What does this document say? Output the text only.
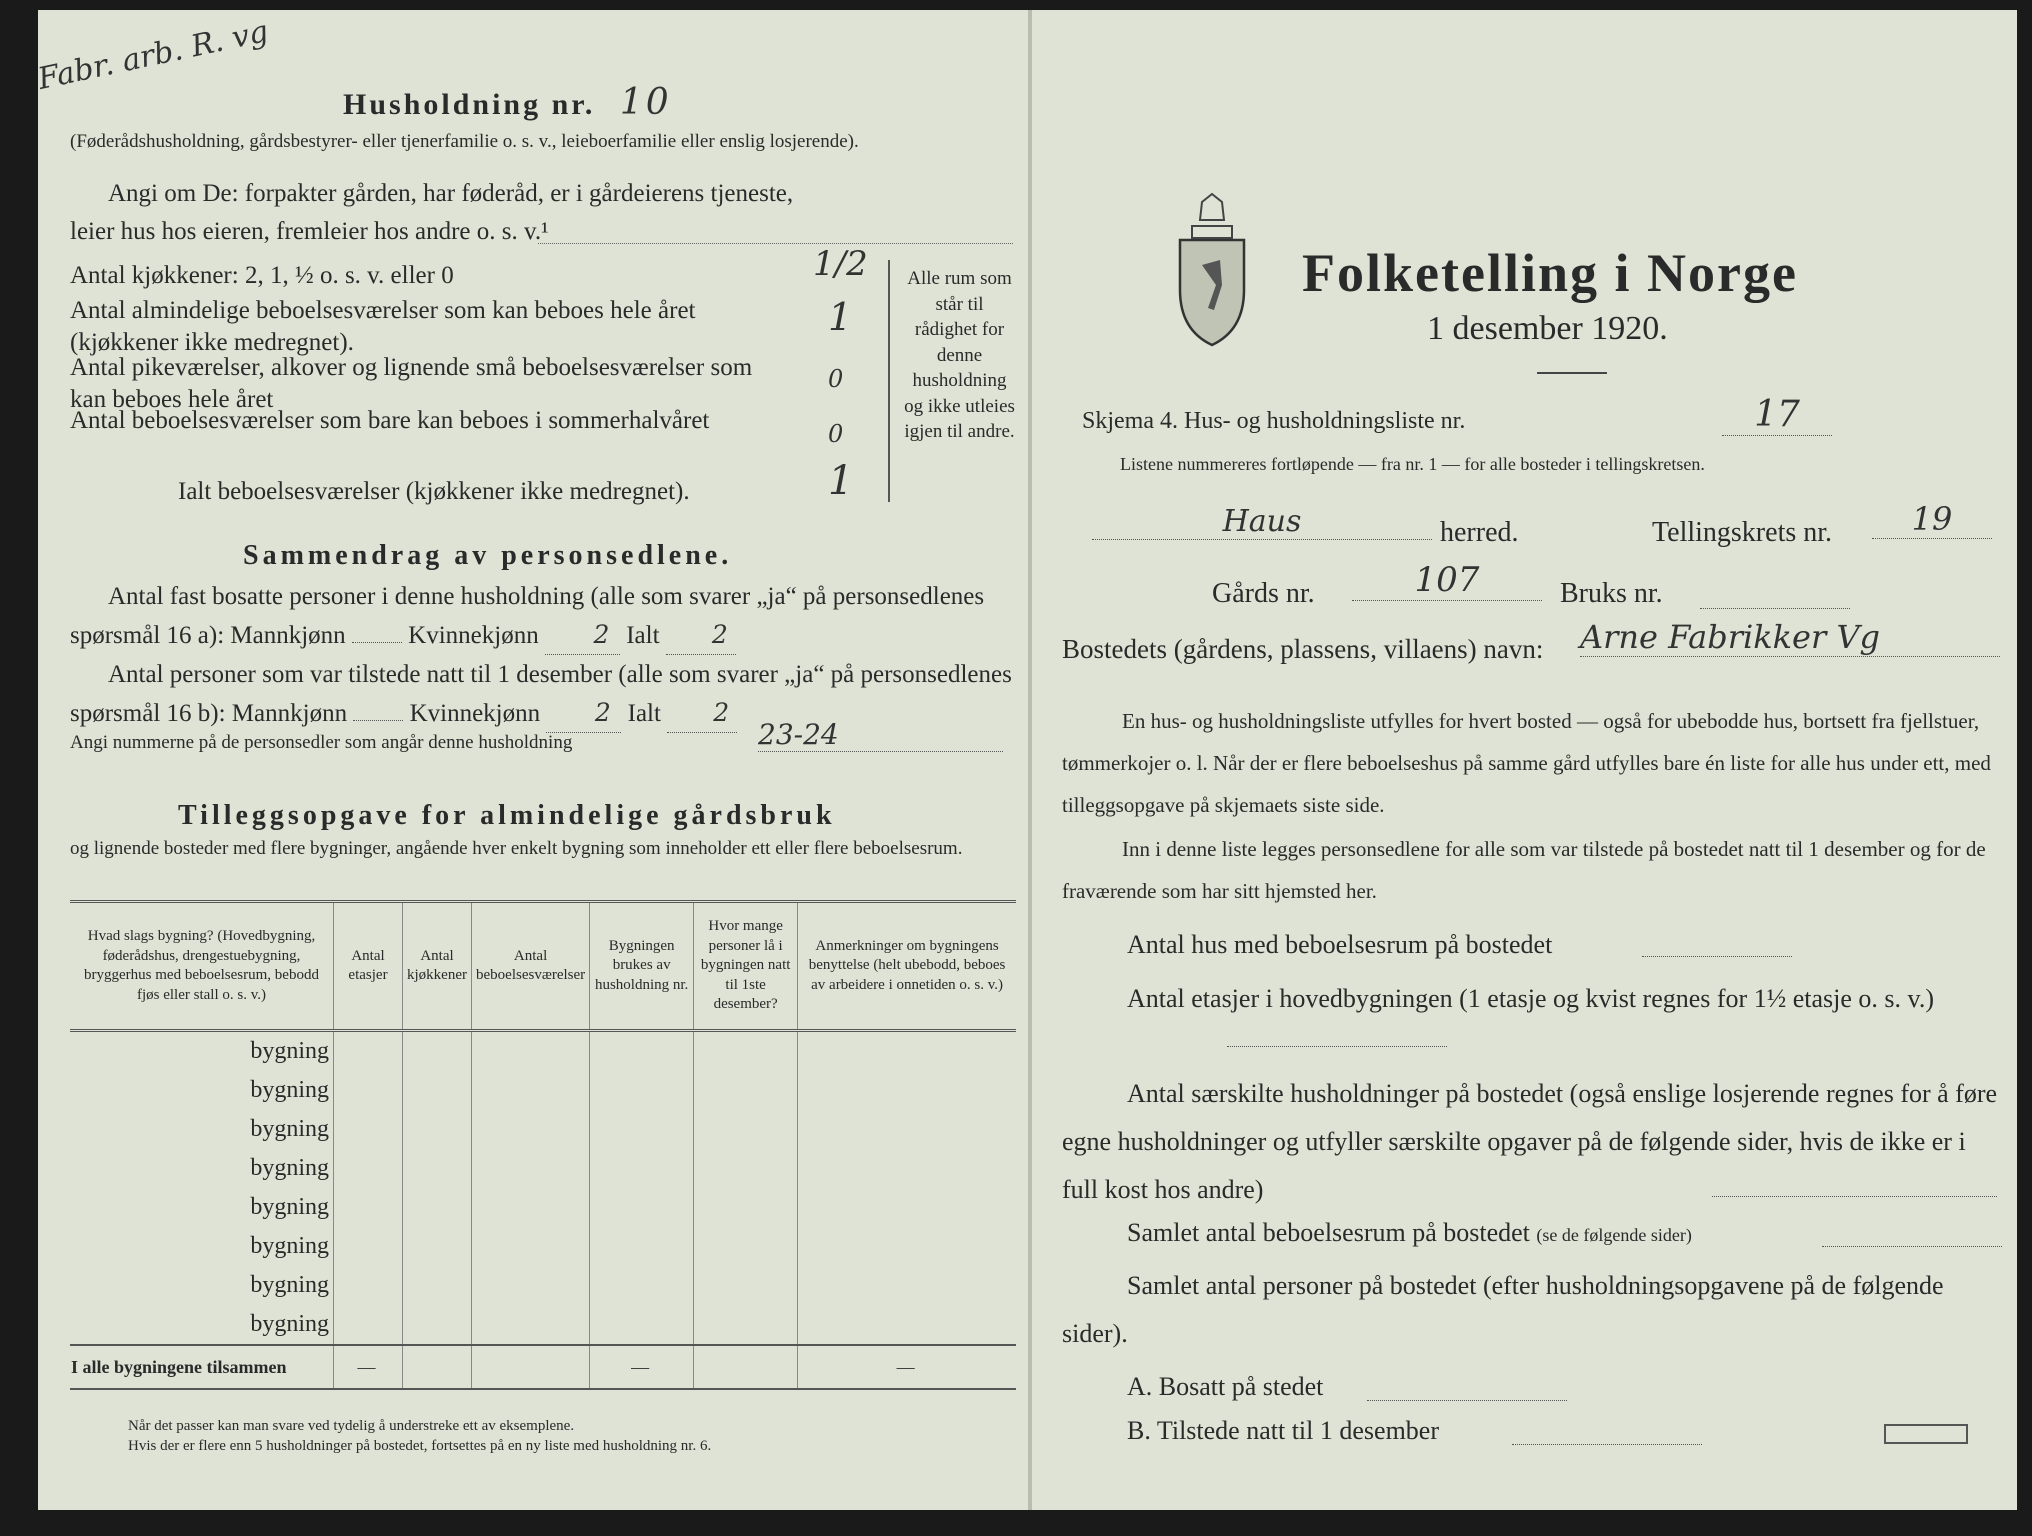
Fabr. arb. R. vg
Husholdning nr. 10
(Føderådshusholdning, gårdsbestyrer- eller tjenerfamilie o. s. v., leieboerfamilie eller enslig losjerende).
Angi om De: forpakter gården, har føderåd, er i gårdeierens tjeneste,
leier hus hos eieren, fremleier hos andre o. s. v.¹
Antal kjøkkener: 2, 1, ½ o. s. v. eller 0	1/2
Antal almindelige beboelsesværelser som kan beboes hele året (kjøkkener ikke medregnet).
1
Antal pikeværelser, alkover og lignende små beboelsesværelser som kan beboes hele året
0
Antal beboelsesværelser som bare kan beboes i sommerhalvåret	0
Ialt beboelsesværelser (kjøkkener ikke medregnet).	1
Alle rum som står til rådighet for denne husholdning og ikke utleies igjen til andre.
Sammendrag av personsedlene.
Antal fast bosatte personer i denne husholdning (alle som svarer „ja“ på personsedlenes spørsmål 16 a): Mannkjønn	Kvinnekjønn 2 Ialt 2
Antal personer som var tilstede natt til 1 desember (alle som svarer „ja“ på personsedlenes spørsmål 16 b): Mannkjønn	Kvinnekjønn 2 Ialt 2
Angi nummerne på de personsedler som angår denne husholdning	23-24
Tilleggsopgave for almindelige gårdsbruk
og lignende bosteder med flere bygninger, angående hver enkelt bygning som inneholder ett eller flere beboelsesrum.
Hvad slags bygning? (Hovedbygning, føderådshus, drengestuebygning, bryggerhus med beboelsesrum, bebodd fjøs eller stall o. s. v.)	Antal etasjer	Antal kjøkkener	Antal beboelsesværelser	Bygningen brukes av husholdning nr.	Hvor mange personer lå i bygningen natt til 1ste desember?	Anmerkninger om bygningens benyttelse (helt ubebodd, beboes av arbeidere i onnetiden o. s. v.)
bygning						
bygning						
bygning						
bygning						
bygning						
bygning						
bygning						
bygning						
I alle bygningene tilsammen	—			—		—
Når det passer kan man svare ved tydelig å understreke ett av eksemplene.
Hvis der er flere enn 5 husholdninger på bostedet, fortsettes på en ny liste med husholdning nr. 6.
Folketelling i Norge
1 desember 1920.
Skjema 4. Hus- og husholdningsliste nr.	17
Listene nummereres fortløpende — fra nr. 1 — for alle bosteder i tellingskretsen.
Haus	herred.	Tellingskrets nr.	19
Gårds nr.	107	Bruks nr.
Bostedets (gårdens, plassens, villaens) navn: Arne Fabrikker Vg
En hus- og husholdningsliste utfylles for hvert bosted — også for ubebodde hus, bortsett fra fjellstuer, tømmerkojer o. l. Når der er flere beboelseshus på samme gård utfylles bare én liste for alle hus under ett, med tilleggsopgave på skjemaets siste side.
Inn i denne liste legges personsedlene for alle som var tilstede på bostedet natt til 1 desember og for de fraværende som har sitt hjemsted her.
Antal hus med beboelsesrum på bostedet
Antal etasjer i hovedbygningen (1 etasje og kvist regnes for 1½ etasje o. s. v.)
Antal særskilte husholdninger på bostedet (også enslige losjerende regnes for å føre egne husholdninger og utfyller særskilte opgaver på de følgende sider, hvis de ikke er i full kost hos andre)
Samlet antal beboelsesrum på bostedet (se de følgende sider)
Samlet antal personer på bostedet (efter husholdningsopgavene på de følgende sider).
A. Bosatt på stedet
B. Tilstede natt til 1 desember
